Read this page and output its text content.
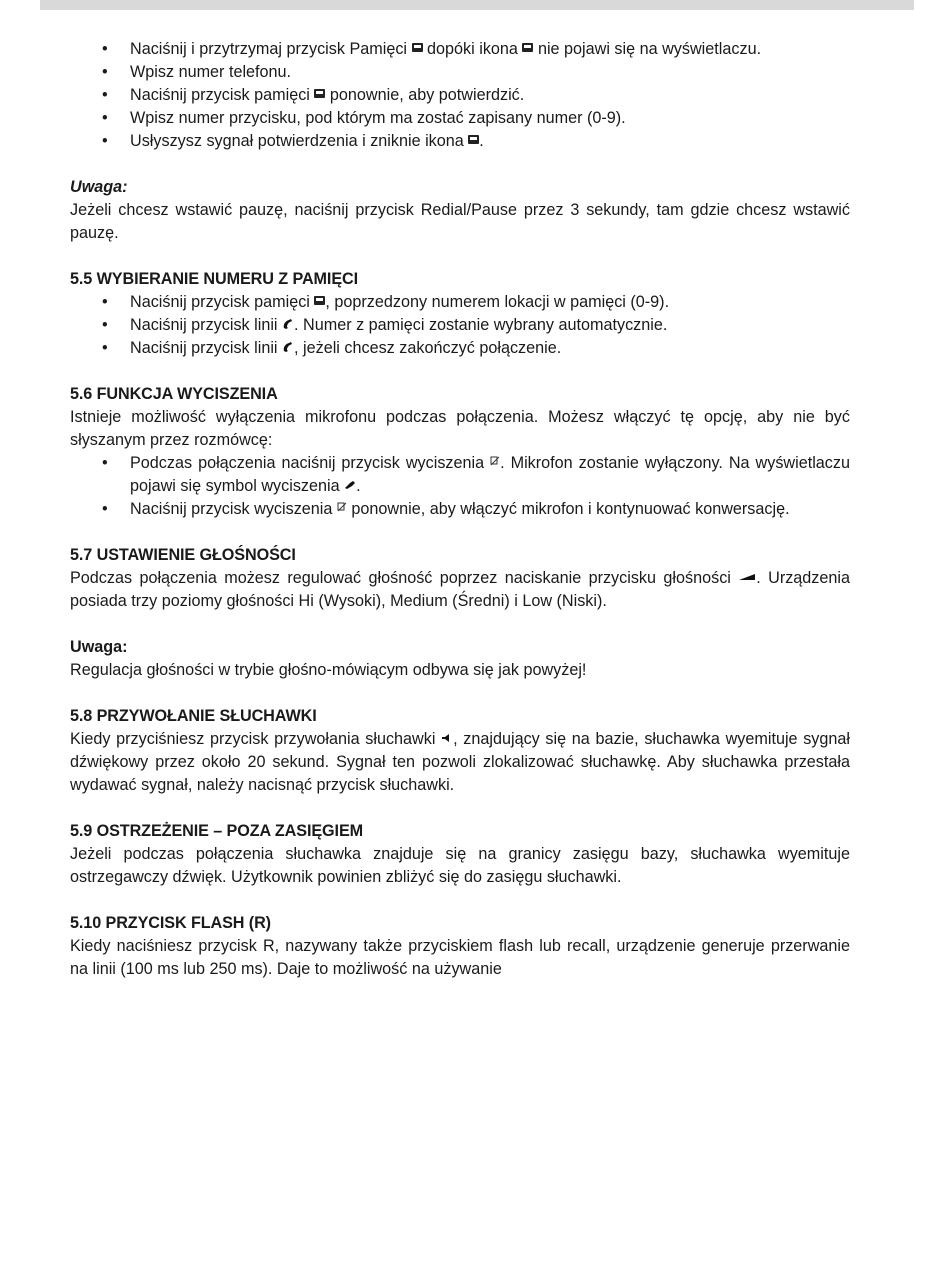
• Naciśnij i przytrzymaj przycisk Pamięci dopóki ikona nie pojawi się na wyświetlaczu.
• Wpisz numer telefonu.
• Naciśnij przycisk pamięci ponownie, aby potwierdzić.
• Wpisz numer przycisku, pod którym ma zostać zapisany numer (0-9).
• Usłyszysz sygnał potwierdzenia i zniknie ikona .

Uwaga:

Jeżeli chcesz wstawić pauzę, naciśnij przycisk Redial/Pause przez 3 sekundy, tam gdzie chcesz wstawić pauzę.

5.5 WYBIERANIE NUMERU Z PAMIĘCI

• Naciśnij przycisk pamięci , poprzedzony numerem lokacji w pamięci (0-9).
• Naciśnij przycisk linii . Numer z pamięci zostanie wybrany automatycznie.
• Naciśnij przycisk linii , jeżeli chcesz zakończyć połączenie.

5.6 FUNKCJA WYCISZENIA

Istnieje możliwość wyłączenia mikrofonu podczas połączenia. Możesz włączyć tę opcję, aby nie być słyszanym przez rozmówcę:

• Podczas połączenia naciśnij przycisk wyciszenia . Mikrofon zostanie wyłączony. Na wyświetlaczu pojawi się symbol wyciszenia .
• Naciśnij przycisk wyciszenia ponownie, aby włączyć mikrofon i kontynuować konwersację.

5.7 USTAWIENIE GŁOŚNOŚCI

Podczas połączenia możesz regulować głośność poprzez naciskanie przycisku głośności . Urządzenia posiada trzy poziomy głośności Hi (Wysoki), Medium (Średni) i Low (Niski).

Uwaga:

Regulacja głośności w trybie głośno-mówiącym odbywa się jak powyżej!

5.8 PRZYWOŁANIE SŁUCHAWKI

Kiedy przyciśniesz przycisk przywołania słuchawki , znajdujący się na bazie, słuchawka wyemituje sygnał dźwiękowy przez około 20 sekund. Sygnał ten pozwoli zlokalizować słuchawkę. Aby słuchawka przestała wydawać sygnał, należy nacisnąć przycisk słuchawki.

5.9 OSTRZEŻENIE – POZA ZASIĘGIEM

Jeżeli podczas połączenia słuchawka znajduje się na granicy zasięgu bazy, słuchawka wyemituje ostrzegawczy dźwięk. Użytkownik powinien zbliżyć się do zasięgu słuchawki.

5.10 PRZYCISK FLASH (R)

Kiedy naciśniesz przycisk R, nazywany także przyciskiem flash lub recall, urządzenie generuje przerwanie na linii (100 ms lub 250 ms). Daje to możliwość na używanie
